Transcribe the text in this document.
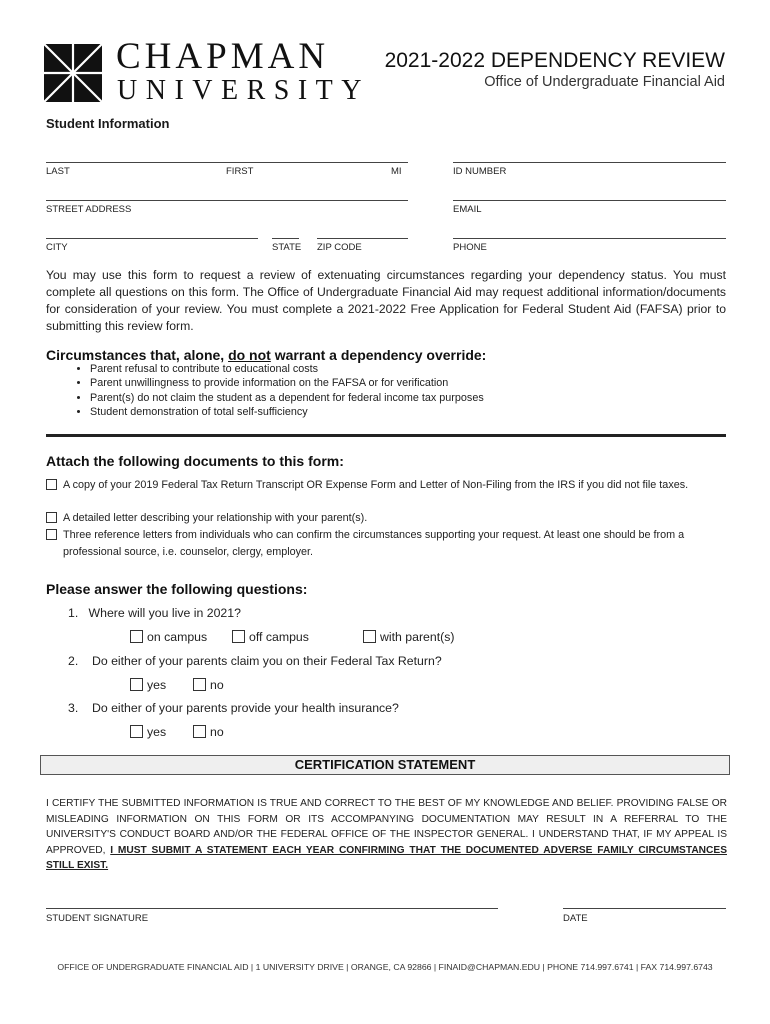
CHAPMAN
UNIVERSITY
2021-2022 DEPENDENCY REVIEW
Office of Undergraduate Financial Aid
Student Information
LAST	FIRST	MI	ID NUMBER
STREET ADDRESS	EMAIL
CITY	STATE ZIP CODE	PHONE
You may use this form to request a review of extenuating circumstances regarding your dependency status. You must complete all questions on this form. The Office of Undergraduate Financial Aid may request additional information/documents for consideration of your review. You must complete a 2021-2022 Free Application for Federal Student Aid (FAFSA) prior to submitting this review form.
Circumstances that, alone, do not warrant a dependency override:
• Parent refusal to contribute to educational costs
• Parent unwillingness to provide information on the FAFSA or for verification
• Parent(s) do not claim the student as a dependent for federal income tax purposes
• Student demonstration of total self-sufficiency
Attach the following documents to this form:
A copy of your 2019 Federal Tax Return Transcript OR Expense Form and Letter of Non-Filing from the IRS if you did not file taxes.
A detailed letter describing your relationship with your parent(s).
Three reference letters from individuals who can confirm the circumstances supporting your request. At least one should be from a professional source, i.e. counselor, clergy, employer.
Please answer the following questions:
1. Where will you live in 2021?
on campus	off campus	with parent(s)
2. Do either of your parents claim you on their Federal Tax Return?
yes	no
3. Do either of your parents provide your health insurance?
yes	no
CERTIFICATION STATEMENT
I CERTIFY THE SUBMITTED INFORMATION IS TRUE AND CORRECT TO THE BEST OF MY KNOWLEDGE AND BELIEF. PROVIDING FALSE OR MISLEADING INFORMATION ON THIS FORM OR ITS ACCOMPANYING DOCUMENTATION MAY RESULT IN A REFERRAL TO THE UNIVERSITY'S CONDUCT BOARD AND/OR THE FEDERAL OFFICE OF THE INSPECTOR GENERAL. I UNDERSTAND THAT, IF MY APPEAL IS APPROVED, I MUST SUBMIT A STATEMENT EACH YEAR CONFIRMING THAT THE DOCUMENTED ADVERSE FAMILY CIRCUMSTANCES STILL EXIST.
STUDENT SIGNATURE	DATE
OFFICE OF UNDERGRADUATE FINANCIAL AID | 1 UNIVERSITY DRIVE | ORANGE, CA 92866 | FINAID@CHAPMAN.EDU | PHONE 714.997.6741 | FAX 714.997.6743
